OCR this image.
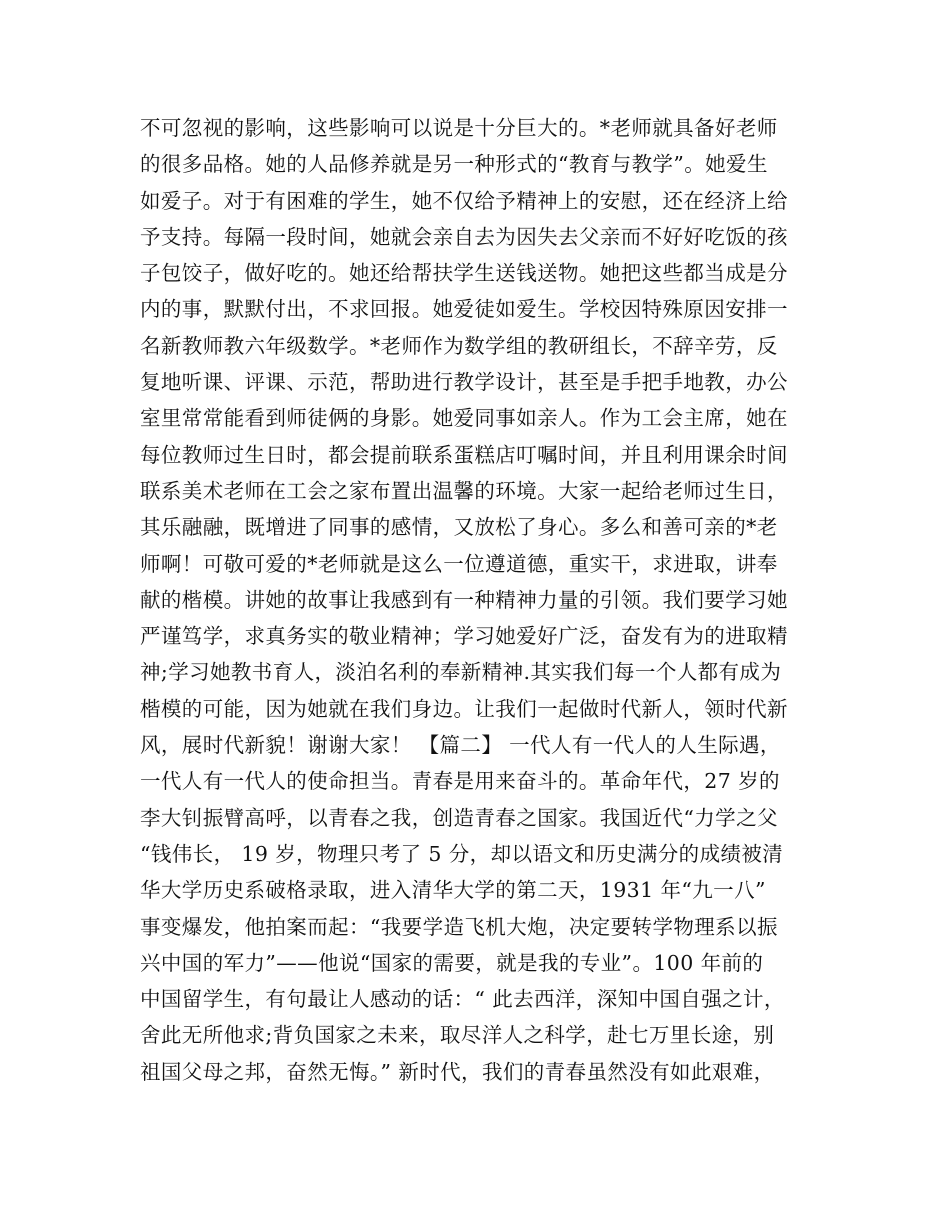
不可忽视的影响，这些影响可以说是十分巨大的。*老师就具备好老师
的很多品格。她的人品修养就是另一种形式的“教育与教学”。她爱生
如爱子。对于有困难的学生，她不仅给予精神上的安慰，还在经济上给
予支持。每隔一段时间，她就会亲自去为因失去父亲而不好好吃饭的孩
子包饺子，做好吃的。她还给帮扶学生送钱送物。她把这些都当成是分
内的事，默默付出，不求回报。她爱徒如爱生。学校因特殊原因安排一
名新教师教六年级数学。*老师作为数学组的教研组长，不辞辛劳，反
复地听课、评课、示范，帮助进行教学设计，甚至是手把手地教，办公
室里常常能看到师徒俩的身影。她爱同事如亲人。作为工会主席，她在
每位教师过生日时，都会提前联系蛋糕店叮嘱时间，并且利用课余时间
联系美术老师在工会之家布置出温馨的环境。大家一起给老师过生日，
其乐融融，既增进了同事的感情，又放松了身心。多么和善可亲的*老
师啊！可敬可爱的*老师就是这么一位遵道德，重实干，求进取，讲奉
献的楷模。讲她的故事让我感到有一种精神力量的引领。我们要学习她
严谨笃学，求真务实的敬业精神；学习她爱好广泛，奋发有为的进取精
神;学习她教书育人，淡泊名利的奉新精神.其实我们每一个人都有成为
楷模的可能，因为她就在我们身边。让我们一起做时代新人，领时代新
风，展时代新貌！谢谢大家！ 【篇二】 一代人有一代人的人生际遇，
一代人有一代人的使命担当。青春是用来奋斗的。革命年代，27 岁的
李大钊振臂高呼，以青春之我，创造青春之国家。我国近代“力学之父
“钱伟长， 19 岁，物理只考了 5 分，却以语文和历史满分的成绩被清
华大学历史系破格录取，进入清华大学的第二天，1931 年“九一八”
事变爆发，他拍案而起：“我要学造飞机大炮，决定要转学物理系以振
兴中国的军力”——他说“国家的需要，就是我的专业”。100 年前的
中国留学生，有句最让人感动的话：“ 此去西洋，深知中国自强之计，
舍此无所他求;背负国家之未来，取尽洋人之科学，赴七万里长途，别
祖国父母之邦，奋然无悔。” 新时代，我们的青春虽然没有如此艰难，
